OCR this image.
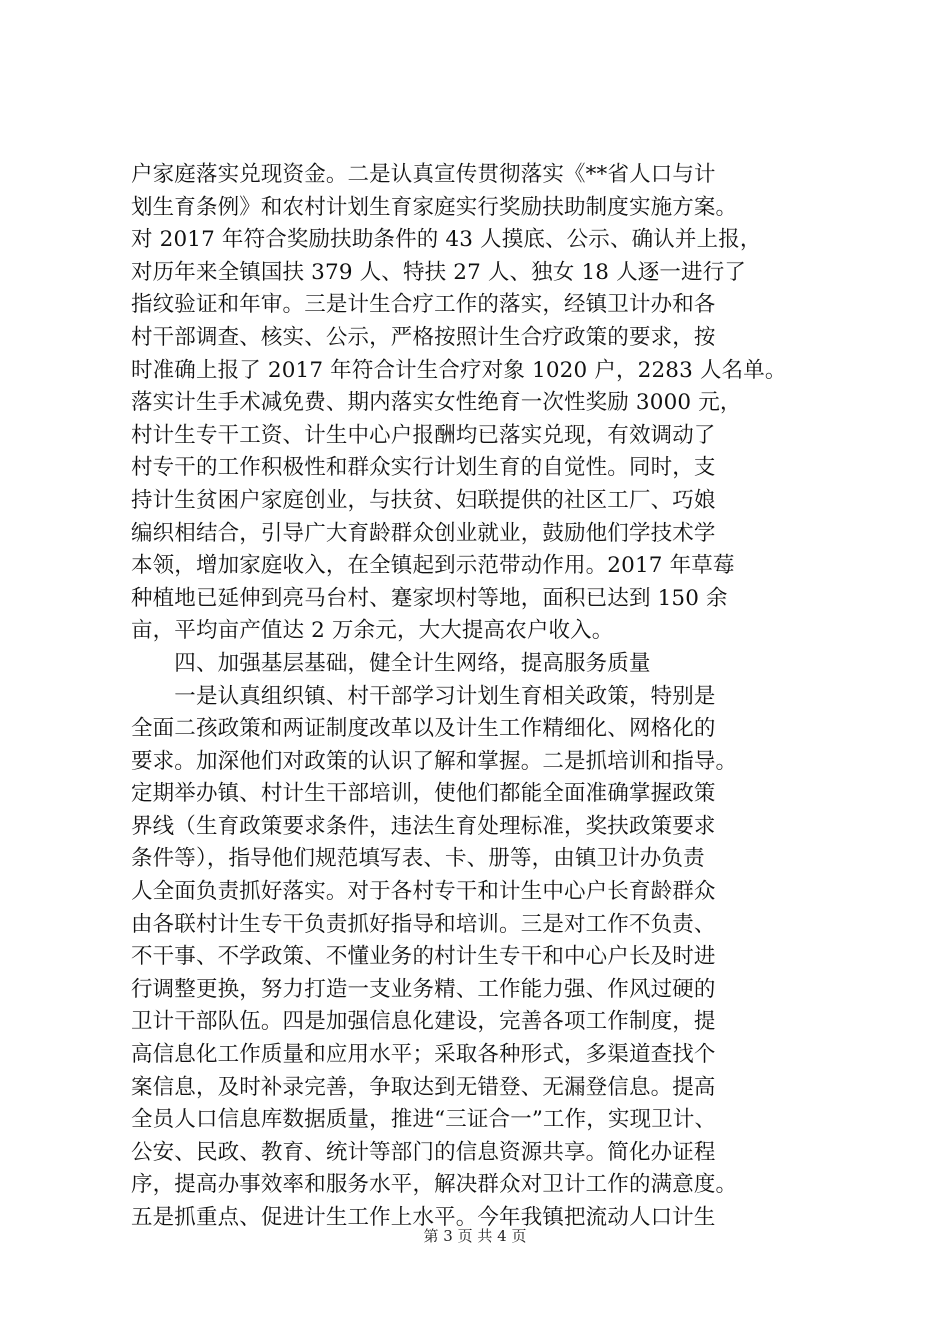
户家庭落实兑现资金。二是认真宣传贯彻落实《**省人口与计
划生育条例》和农村计划生育家庭实行奖励扶助制度实施方案。
对 2017 年符合奖励扶助条件的 43 人摸底、公示、确认并上报，
对历年来全镇国扶 379 人、特扶 27 人、独女 18 人逐一进行了
指纹验证和年审。三是计生合疗工作的落实，经镇卫计办和各
村干部调查、核实、公示，严格按照计生合疗政策的要求，按
时准确上报了 2017 年符合计生合疗对象 1020 户，2283 人名单。
落实计生手术减免费、期内落实女性绝育一次性奖励 3000 元，
村计生专干工资、计生中心户报酬均已落实兑现，有效调动了
村专干的工作积极性和群众实行计划生育的自觉性。同时，支
持计生贫困户家庭创业，与扶贫、妇联提供的社区工厂、巧娘
编织相结合，引导广大育龄群众创业就业，鼓励他们学技术学
本领，增加家庭收入，在全镇起到示范带动作用。2017 年草莓
种植地已延伸到亮马台村、蹇家坝村等地，面积已达到 150 余
亩，平均亩产值达 2 万余元，大大提高农户收入。
　　四、加强基层基础，健全计生网络，提高服务质量
　　一是认真组织镇、村干部学习计划生育相关政策，特别是
全面二孩政策和两证制度改革以及计生工作精细化、网格化的
要求。加深他们对政策的认识了解和掌握。二是抓培训和指导。
定期举办镇、村计生干部培训，使他们都能全面准确掌握政策
界线（生育政策要求条件，违法生育处理标准，奖扶政策要求
条件等），指导他们规范填写表、卡、册等，由镇卫计办负责
人全面负责抓好落实。对于各村专干和计生中心户长育龄群众
由各联村计生专干负责抓好指导和培训。三是对工作不负责、
不干事、不学政策、不懂业务的村计生专干和中心户长及时进
行调整更换，努力打造一支业务精、工作能力强、作风过硬的
卫计干部队伍。四是加强信息化建设，完善各项工作制度，提
高信息化工作质量和应用水平；采取各种形式，多渠道查找个
案信息，及时补录完善，争取达到无错登、无漏登信息。提高
全员人口信息库数据质量，推进“三证合一”工作，实现卫计、
公安、民政、教育、统计等部门的信息资源共享。简化办证程
序，提高办事效率和服务水平，解决群众对卫计工作的满意度。
五是抓重点、促进计生工作上水平。今年我镇把流动人口计生
第 3 页 共 4 页
